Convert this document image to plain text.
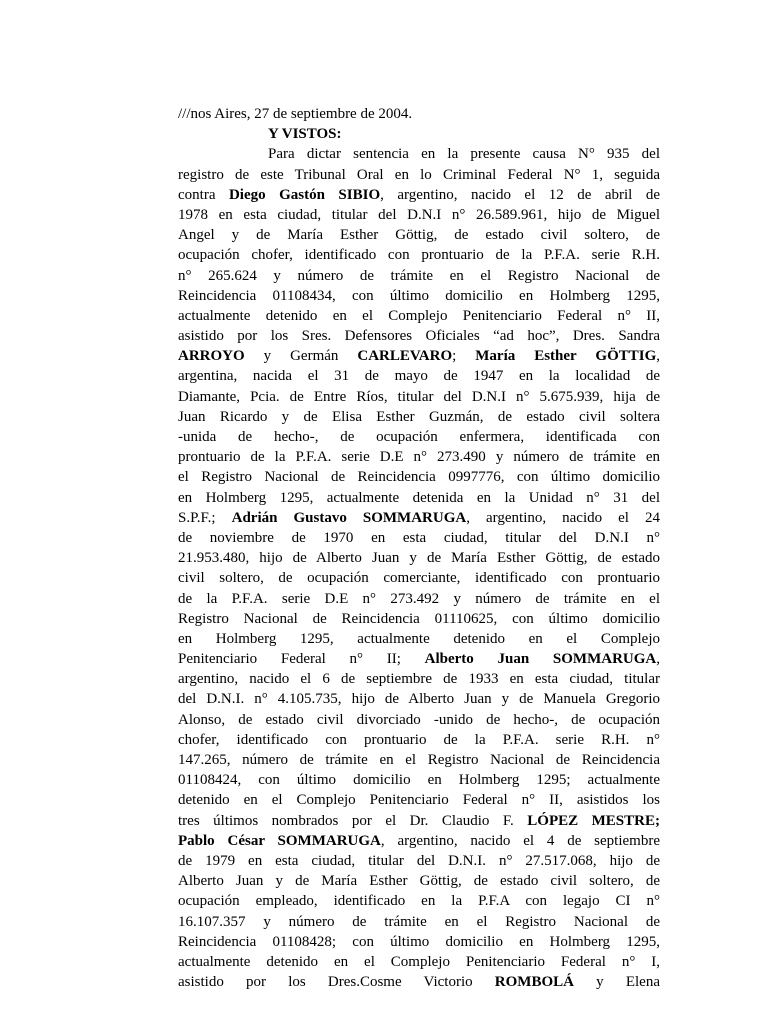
///nos Aires, 27 de septiembre de 2004.
Y VISTOS:
Para dictar sentencia en la presente causa N° 935 del
registro de este Tribunal Oral en lo Criminal Federal N° 1, seguida
contra Diego Gastón SIBIO, argentino, nacido el 12 de abril de
1978 en esta ciudad, titular del D.N.I n° 26.589.961, hijo de Miguel
Angel y de María Esther Göttig, de estado civil soltero, de
ocupación chofer, identificado con prontuario de la P.F.A. serie R.H.
n° 265.624 y número de trámite en el Registro Nacional de
Reincidencia 01108434, con último domicilio en Holmberg 1295,
actualmente detenido en el Complejo Penitenciario Federal n° II,
asistido por los Sres. Defensores Oficiales “ad hoc”, Dres. Sandra
ARROYO y Germán CARLEVARO; María Esther GÖTTIG,
argentina, nacida el 31 de mayo de 1947 en la localidad de
Diamante, Pcia. de Entre Ríos, titular del D.N.I n° 5.675.939, hija de
Juan Ricardo y de Elisa Esther Guzmán, de estado civil soltera
-unida de hecho-, de ocupación enfermera, identificada con
prontuario de la P.F.A. serie D.E n° 273.490 y número de trámite en
el Registro Nacional de Reincidencia 0997776, con último domicilio
en Holmberg 1295, actualmente detenida en la Unidad n° 31 del
S.P.F.; Adrián Gustavo SOMMARUGA, argentino, nacido el 24
de noviembre de 1970 en esta ciudad, titular del D.N.I n°
21.953.480, hijo de Alberto Juan y de María Esther Göttig, de estado
civil soltero, de ocupación comerciante, identificado con prontuario
de la P.F.A. serie D.E n° 273.492 y número de trámite en el
Registro Nacional de Reincidencia 01110625, con último domicilio
en Holmberg 1295, actualmente detenido en el Complejo
Penitenciario Federal n° II; Alberto Juan SOMMARUGA,
argentino, nacido el 6 de septiembre de 1933 en esta ciudad, titular
del D.N.I. n° 4.105.735, hijo de Alberto Juan y de Manuela Gregorio
Alonso, de estado civil divorciado -unido de hecho-, de ocupación
chofer, identificado con prontuario de la P.F.A. serie R.H. n°
147.265, número de trámite en el Registro Nacional de Reincidencia
01108424, con último domicilio en Holmberg 1295; actualmente
detenido en el Complejo Penitenciario Federal n° II, asistidos los
tres últimos nombrados por el Dr. Claudio F. LÓPEZ MESTRE;
Pablo César SOMMARUGA, argentino, nacido el 4 de septiembre
de 1979 en esta ciudad, titular del D.N.I. n° 27.517.068, hijo de
Alberto Juan y de María Esther Göttig, de estado civil soltero, de
ocupación empleado, identificado en la P.F.A con legajo CI n°
16.107.357 y número de trámite en el Registro Nacional de
Reincidencia 01108428; con último domicilio en Holmberg 1295,
actualmente detenido en el Complejo Penitenciario Federal n° I,
asistido por los Dres.Cosme Victorio ROMBOLÁ y Elena
